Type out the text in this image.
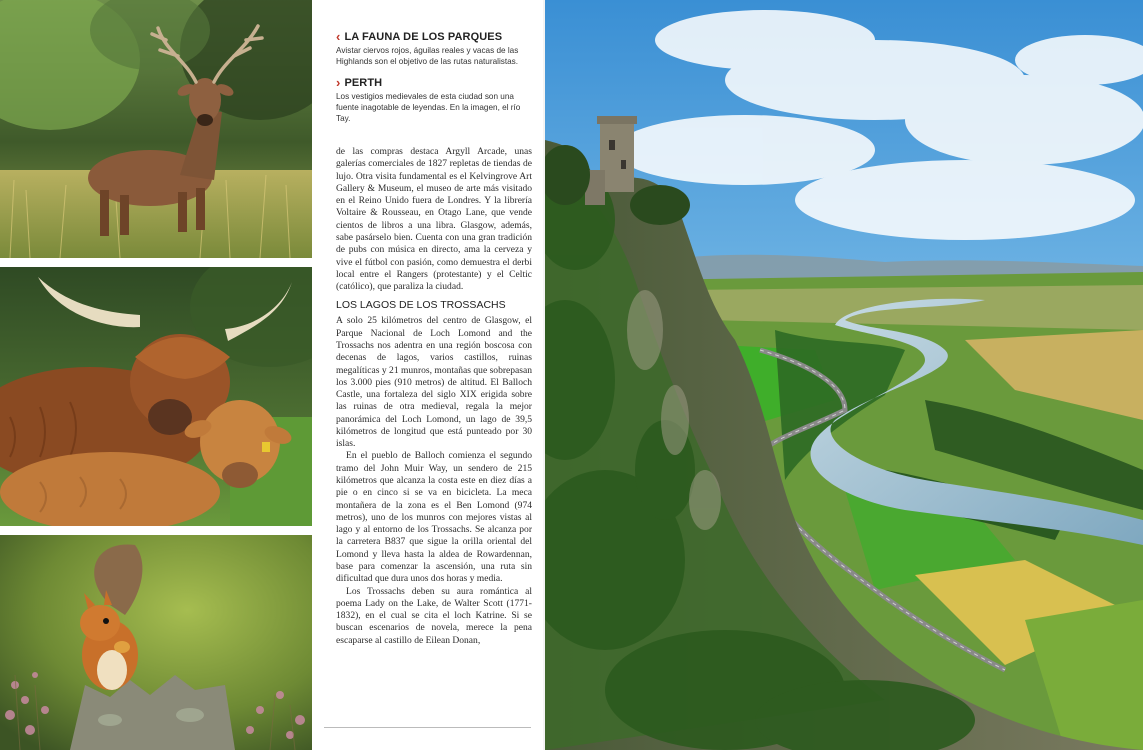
‹ LA FAUNA DE LOS PARQUES
Avistar ciervos rojos, águilas reales y vacas de las Highlands son el objetivo de las rutas naturalistas.
› PERTH
Los vestigios medievales de esta ciudad son una fuente inagotable de leyendas. En la imagen, el río Tay.

de las compras destaca Argyll Arcade, unas galerías comerciales de 1827 repletas de tiendas de lujo. Otra visita fundamental es el Kelvingrove Art Gallery & Museum, el museo de arte más visitado en el Reino Unido fuera de Londres. Y la librería Voltaire & Rousseau, en Otago Lane, que vende cientos de libros a una libra. Glasgow, además, sabe pasárselo bien. Cuenta con una gran tradición de pubs con música en directo, ama la cerveza y vive el fútbol con pasión, como demuestra el derbi local entre el Rangers (protestante) y el Celtic (católico), que paraliza la ciudad.

LOS LAGOS DE LOS TROSSACHS

A solo 25 kilómetros del centro de Glasgow, el Parque Nacional de Loch Lomond and the Trossachs nos adentra en una región boscosa con decenas de lagos, varios castillos, ruinas megalíticas y 21 munros, montañas que sobrepasan los 3.000 pies (910 metros) de altitud. El Balloch Castle, una fortaleza del siglo XIX erigida sobre las ruinas de otra medieval, regala la mejor panorámica del Loch Lomond, un lago de 39,5 kilómetros de longitud que está punteado por 30 islas.

En el pueblo de Balloch comienza el segundo tramo del John Muir Way, un sendero de 215 kilómetros que alcanza la costa este en diez días a pie o en cinco si se va en bicicleta. La meca montañera de la zona es el Ben Lomond (974 metros), uno de los munros con mejores vistas al lago y al entorno de los Trossachs. Se alcanza por la carretera B837 que sigue la orilla oriental del Lomond y lleva hasta la aldea de Rowardennan, base para comenzar la ascensión, una ruta sin dificultad que dura unos dos horas y media.

Los Trossachs deben su aura romántica al poema Lady on the Lake, de Walter Scott (1771-1832), en el cual se cita el loch Katrine. Si se buscan escenarios de novela, merece la pena escaparse al castillo de Eilean Donan,
